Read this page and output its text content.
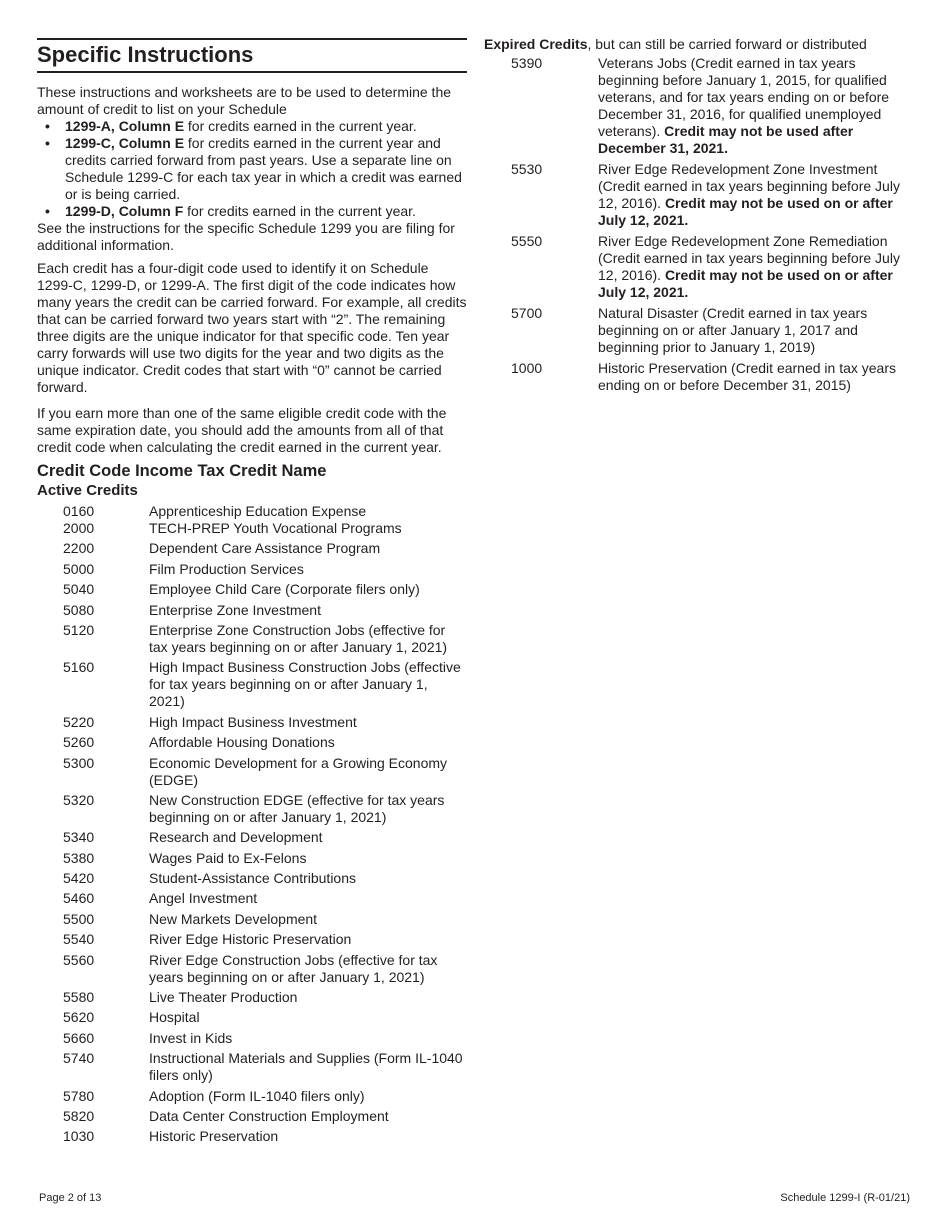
Specific Instructions

These instructions and worksheets are to be used to determine the amount of credit to list on your Schedule

• 1299-A, Column E for credits earned in the current year.
• 1299-C, Column E for credits earned in the current year and credits carried forward from past years. Use a separate line on Schedule 1299-C for each tax year in which a credit was earned or is being carried.
• 1299-D, Column F for credits earned in the current year.

See the instructions for the specific Schedule 1299 you are filing for additional information.

Each credit has a four-digit code used to identify it on Schedule 1299-C, 1299-D, or 1299-A. The first digit of the code indicates how many years the credit can be carried forward. For example, all credits that can be carried forward two years start with “2”. The remaining three digits are the unique indicator for that specific code. Ten year carry forwards will use two digits for the year and two digits as the unique indicator. Credit codes that start with “0” cannot be carried forward.

If you earn more than one of the same eligible credit code with the same expiration date, you should add the amounts from all of that credit code when calculating the credit earned in the current year.

Credit Code Income Tax Credit Name
Active Credits
0160	Apprenticeship Education Expense
2000	TECH-PREP Youth Vocational Programs
2200	Dependent Care Assistance Program
5000	Film Production Services
5040	Employee Child Care (Corporate filers only)
5080	Enterprise Zone Investment
5120	Enterprise Zone Construction Jobs (effective for tax years beginning on or after January 1, 2021)
5160	High Impact Business Construction Jobs (effective for tax years beginning on or after January 1, 2021)
5220	High Impact Business Investment
5260	Affordable Housing Donations
5300	Economic Development for a Growing Economy (EDGE)
5320	New Construction EDGE (effective for tax years beginning on or after January 1, 2021)
5340	Research and Development
5380	Wages Paid to Ex-Felons
5420	Student-Assistance Contributions
5460	Angel Investment
5500	New Markets Development
5540	River Edge Historic Preservation
5560	River Edge Construction Jobs (effective for tax years beginning on or after January 1, 2021)
5580	Live Theater Production
5620	Hospital
5660	Invest in Kids
5740	Instructional Materials and Supplies (Form IL-1040 filers only)
5780	Adoption (Form IL-1040 filers only)
5820	Data Center Construction Employment
1030	Historic Preservation
Expired Credits, but can still be carried forward or distributed
5390	Veterans Jobs (Credit earned in tax years beginning before January 1, 2015, for qualified veterans, and for tax years ending on or before December 31, 2016, for qualified unemployed veterans). Credit may not be used after December 31, 2021.
5530	River Edge Redevelopment Zone Investment (Credit earned in tax years beginning before July 12, 2016). Credit may not be used on or after July 12, 2021.
5550	River Edge Redevelopment Zone Remediation (Credit earned in tax years beginning before July 12, 2016). Credit may not be used on or after July 12, 2021.
5700	Natural Disaster (Credit earned in tax years beginning on or after January 1, 2017 and beginning prior to January 1, 2019)
1000	Historic Preservation (Credit earned in tax years ending on or before December 31, 2015)
Page 2 of 13	Schedule 1299-I (R-01/21)
